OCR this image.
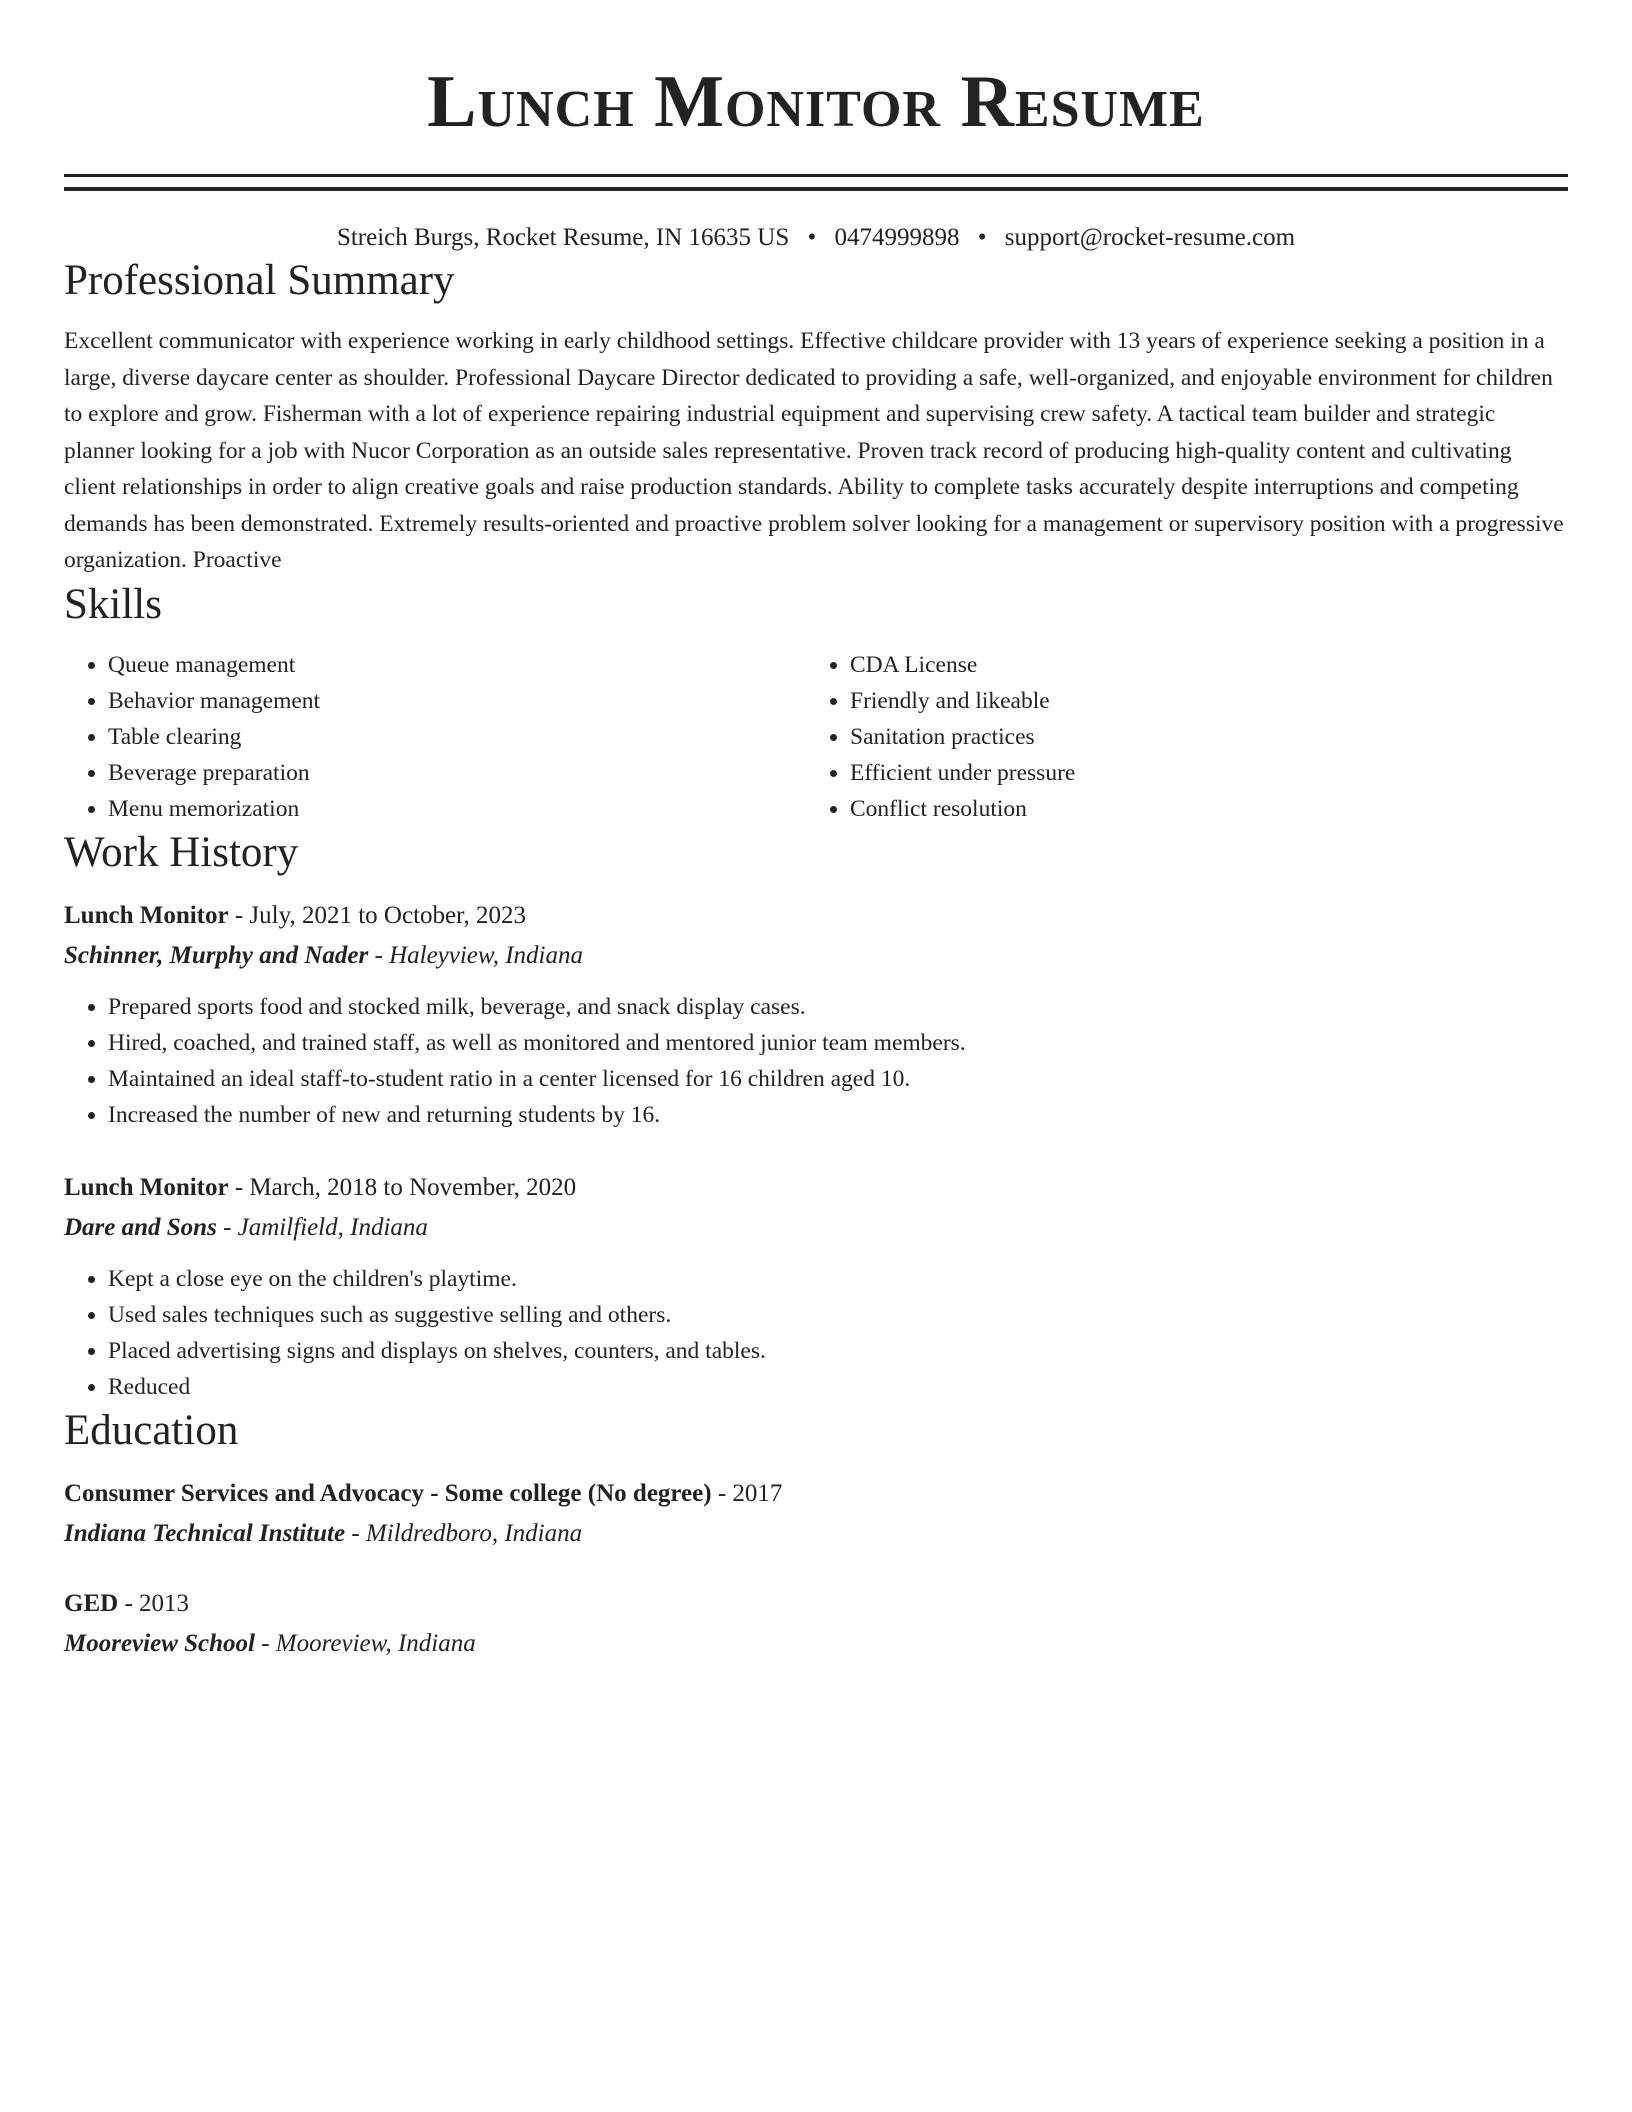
Lunch Monitor Resume
Streich Burgs, Rocket Resume, IN 16635 US • 0474999898 • support@rocket-resume.com
Professional Summary
Excellent communicator with experience working in early childhood settings. Effective childcare provider with 13 years of experience seeking a position in a large, diverse daycare center as shoulder. Professional Daycare Director dedicated to providing a safe, well-organized, and enjoyable environment for children to explore and grow. Fisherman with a lot of experience repairing industrial equipment and supervising crew safety. A tactical team builder and strategic planner looking for a job with Nucor Corporation as an outside sales representative. Proven track record of producing high-quality content and cultivating client relationships in order to align creative goals and raise production standards. Ability to complete tasks accurately despite interruptions and competing demands has been demonstrated. Extremely results-oriented and proactive problem solver looking for a management or supervisory position with a progressive organization. Proactive
Skills
• Queue management
• Behavior management
• Table clearing
• Beverage preparation
• Menu memorization
• CDA License
• Friendly and likeable
• Sanitation practices
• Efficient under pressure
• Conflict resolution
Work History
Lunch Monitor - July, 2021 to October, 2023
Schinner, Murphy and Nader - Haleyview, Indiana
• Prepared sports food and stocked milk, beverage, and snack display cases.
• Hired, coached, and trained staff, as well as monitored and mentored junior team members.
• Maintained an ideal staff-to-student ratio in a center licensed for 16 children aged 10.
• Increased the number of new and returning students by 16.
Lunch Monitor - March, 2018 to November, 2020
Dare and Sons - Jamilfield, Indiana
• Kept a close eye on the children's playtime.
• Used sales techniques such as suggestive selling and others.
• Placed advertising signs and displays on shelves, counters, and tables.
• Reduced
Education
Consumer Services and Advocacy - Some college (No degree) - 2017
Indiana Technical Institute - Mildredboro, Indiana
GED - 2013
Mooreview School - Mooreview, Indiana
